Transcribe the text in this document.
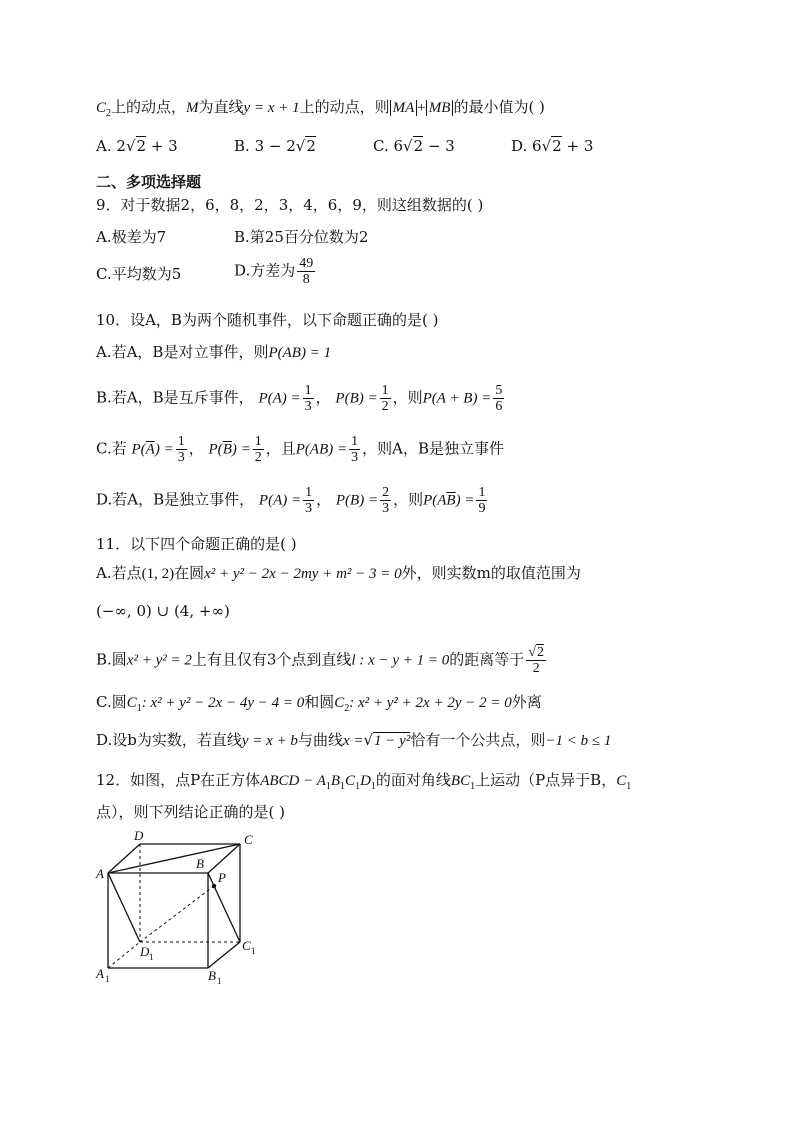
$C_2$上的动点，M为直线y = x + 1上的动点，则 MA + MB 的最小值为( )
A. 2√2 + 3	B. 3 − 2√2	C. 6√2 − 3	D. 6√2 + 3
二、多项选择题
9．对于数据2，6，8，2，3，4，6，9，则这组数据的( )
A.极差为7	B.第25百分位数为2
C.平均数为5	D.方差为 $\frac{49}{8}$
10．设A，B为两个随机事件，以下命题正确的是( )
A.若A，B是对立事件，则P(AB) = 1
B.若A，B是互斥事件， $P(A) = \frac{1}{3}$ ， $P(B) = \frac{1}{2}$ ，则$P(A + B) = \frac{5}{6}$
C.若 $P(\overline{A}) = \frac{1}{3}$ ， $P(\overline{B}) = \frac{1}{2}$ ，且$P(AB) = \frac{1}{3}$ ，则A，B是独立事件
D.若A，B是独立事件， $P(A) = \frac{1}{3}$ ， $P(B) = \frac{2}{3}$ ，则$P(A\overline{B}) = \frac{1}{9}$
11．以下四个命题正确的是( )
A.若点(1, 2)在圆x² + y² − 2x − 2my + m² − 3 = 0外，则实数m的取值范围为
(−∞, 0) ∪ (4, +∞)
B.圆x² + y² = 2上有且仅有3个点到直线l : x − y + 1 = 0的距离等于 $\frac{√2}{2}$
C.圆$C_1$: x² + y² − 2x − 4y − 4 = 0和圆$C_2$: x² + y² + 2x + 2y − 2 = 0外离
D.设b为实数，若直线y = x + b与曲线x =√1 − y²恰有一个公共点，则−1 < b ≤ 1
12．如图，点P在正方体ABCD − $A_1B_1C_1D_1$的面对角线$BC_1$上运动（P点异于B，$C_1$
点），则下列结论正确的是( )
A
B
C
D
P
A 1	B 1
C 1
D 1
